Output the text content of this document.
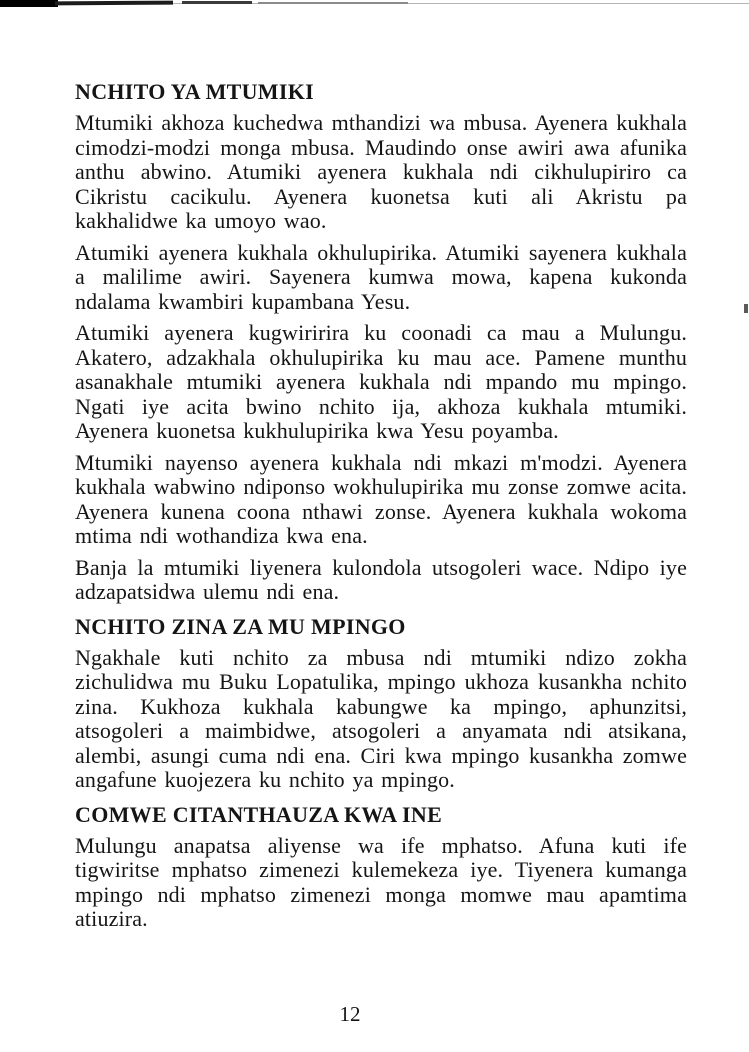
NCHITO YA MTUMIKI

Mtumiki akhoza kuchedwa mthandizi wa mbusa. Ayenera kukhala cimodzi-modzi monga mbusa. Maudindo onse awiri awa afunika anthu abwino. Atumiki ayenera kukhala ndi cikhulupiriro ca Cikristu cacikulu. Ayenera kuonetsa kuti ali Akristu pa kakhalidwe ka umoyo wao.

Atumiki ayenera kukhala okhulupirika. Atumiki sayenera kukhala a malilime awiri. Sayenera kumwa mowa, kapena kukonda ndalama kwambiri kupambana Yesu.

Atumiki ayenera kugwiririra ku coonadi ca mau a Mulungu. Akatero, adzakhala okhulupirika ku mau ace. Pamene munthu asanakhale mtumiki ayenera kukhala ndi mpando mu mpingo. Ngati iye acita bwino nchito ija, akhoza kukhala mtumiki. Ayenera kuonetsa kukhulupirika kwa Yesu poyamba.

Mtumiki nayenso ayenera kukhala ndi mkazi m'modzi. Ayenera kukhala wabwino ndiponso wokhulupirika mu zonse zomwe acita. Ayenera kunena coona nthawi zonse. Ayenera kukhala wokoma mtima ndi wothandiza kwa ena.

Banja la mtumiki liyenera kulondola utsogoleri wace. Ndipo iye adzapatsidwa ulemu ndi ena.

NCHITO ZINA ZA MU MPINGO

Ngakhale kuti nchito za mbusa ndi mtumiki ndizo zokha zichulidwa mu Buku Lopatulika, mpingo ukhoza kusankha nchito zina. Kukhoza kukhala kabungwe ka mpingo, aphunzitsi, atsogoleri a maimbidwe, atsogoleri a anyamata ndi atsikana, alembi, asungi cuma ndi ena. Ciri kwa mpingo kusankha zomwe angafune kuojezera ku nchito ya mpingo.

COMWE CITANTHAUZA KWA INE

Mulungu anapatsa aliyense wa ife mphatso. Afuna kuti ife tigwiritse mphatso zimenezi kulemekeza iye. Tiyenera kumanga mpingo ndi mphatso zimenezi monga momwe mau apamtima atiuzira.

12
